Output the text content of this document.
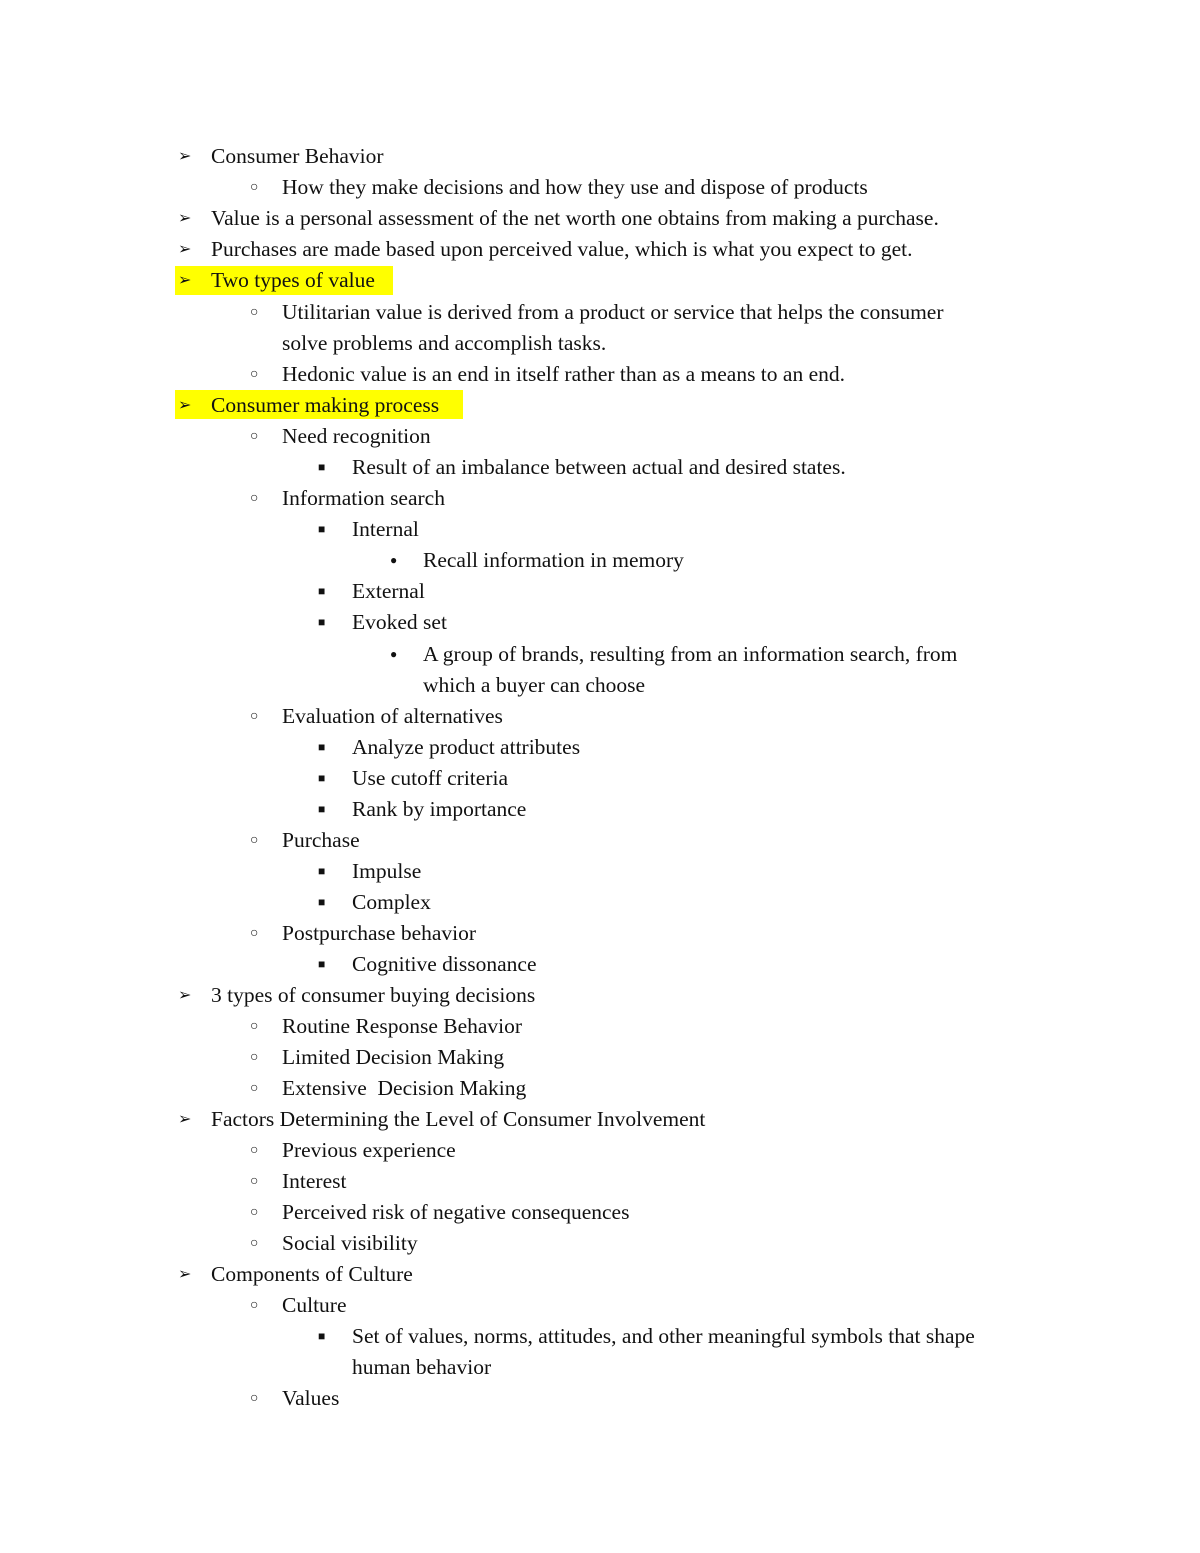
➢ Consumer Behavior
○ How they make decisions and how they use and dispose of products
➢ Value is a personal assessment of the net worth one obtains from making a purchase.
➢ Purchases are made based upon perceived value, which is what you expect to get.
➢ Two types of value
○ Utilitarian value is derived from a product or service that helps the consumer
solve problems and accomplish tasks.
○ Hedonic value is an end in itself rather than as a means to an end.
➢ Consumer making process
○ Need recognition
■ Result of an imbalance between actual and desired states.
○ Information search
■ Internal
● Recall information in memory
■ External
■ Evoked set
● A group of brands, resulting from an information search, from
which a buyer can choose
○ Evaluation of alternatives
■ Analyze product attributes
■ Use cutoff criteria
■ Rank by importance
○ Purchase
■ Impulse
■ Complex
○ Postpurchase behavior
■ Cognitive dissonance
➢ 3 types of consumer buying decisions
○ Routine Response Behavior
○ Limited Decision Making
○ Extensive  Decision Making
➢ Factors Determining the Level of Consumer Involvement
○ Previous experience
○ Interest
○ Perceived risk of negative consequences
○ Social visibility
➢ Components of Culture
○ Culture
■ Set of values, norms, attitudes, and other meaningful symbols that shape
human behavior
○ Values
